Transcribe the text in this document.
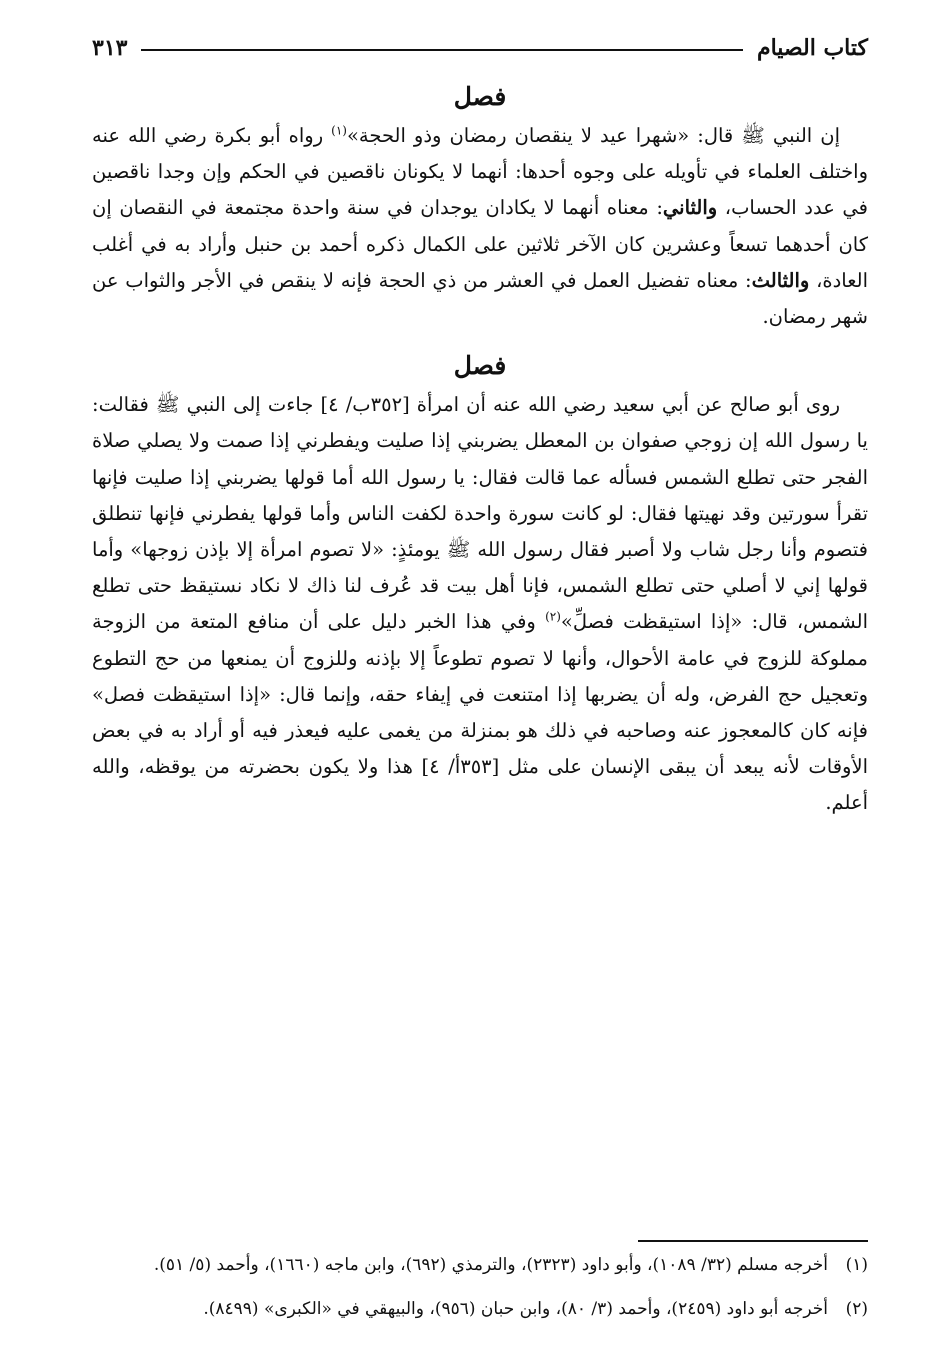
كتاب الصيام
٣١٣
فصل

إن النبي ﷺ قال: «شهرا عيد لا ينقصان رمضان وذو الحجة»$^{(١)}$ رواه أبو بكرة رضي الله عنه واختلف العلماء في تأويله على وجوه أحدها: أنهما لا يكونان ناقصين في الحكم وإن وجدا ناقصين في عدد الحساب، والثاني: معناه أنهما لا يكادان يوجدان في سنة واحدة مجتمعة في النقصان إن كان أحدهما تسعاً وعشرين كان الآخر ثلاثين على الكمال ذكره أحمد بن حنبل وأراد به في أغلب العادة، والثالث: معناه تفضيل العمل في العشر من ذي الحجة فإنه لا ينقص في الأجر والثواب عن شهر رمضان.

فصل

روى أبو صالح عن أبي سعيد رضي الله عنه أن امرأة [٣٥٢ب/ ٤] جاءت إلى النبي ﷺ فقالت: يا رسول الله إن زوجي صفوان بن المعطل يضربني إذا صليت ويفطرني إذا صمت ولا يصلي صلاة الفجر حتى تطلع الشمس فسأله عما قالت فقال: يا رسول الله أما قولها يضربني إذا صليت فإنها تقرأ سورتين وقد نهيتها فقال: لو كانت سورة واحدة لكفت الناس وأما قولها يفطرني فإنها تنطلق فتصوم وأنا رجل شاب ولا أصبر فقال رسول الله ﷺ يومئذٍ: «لا تصوم امرأة إلا بإذن زوجها» وأما قولها إني لا أصلي حتى تطلع الشمس، فإنا أهل بيت قد عُرف لنا ذاك لا نكاد نستيقظ حتى تطلع الشمس، قال: «إذا استيقظت فصلِّ»$^{(٢)}$ وفي هذا الخبر دليل على أن منافع المتعة من الزوجة مملوكة للزوج في عامة الأحوال، وأنها لا تصوم تطوعاً إلا بإذنه وللزوج أن يمنعها من حج التطوع وتعجيل حج الفرض، وله أن يضربها إذا امتنعت في إيفاء حقه، وإنما قال: «إذا استيقظت فصل» فإنه كان كالمعجوز عنه وصاحبه في ذلك هو بمنزلة من يغمى عليه فيعذر فيه أو أراد به في بعض الأوقات لأنه يبعد أن يبقى الإنسان على مثل [٣٥٣أ/ ٤] هذا ولا يكون بحضرته من يوقظه، والله أعلم.

(١)
أخرجه مسلم (٣٢/ ١٠٨٩)، وأبو داود (٢٣٢٣)، والترمذي (٦٩٢)، وابن ماجه (١٦٦٠)، وأحمد (٥/ ٥١).
(٢)
أخرجه أبو داود (٢٤٥٩)، وأحمد (٣/ ٨٠)، وابن حبان (٩٥٦)، والبيهقي في «الكبرى» (٨٤٩٩).
